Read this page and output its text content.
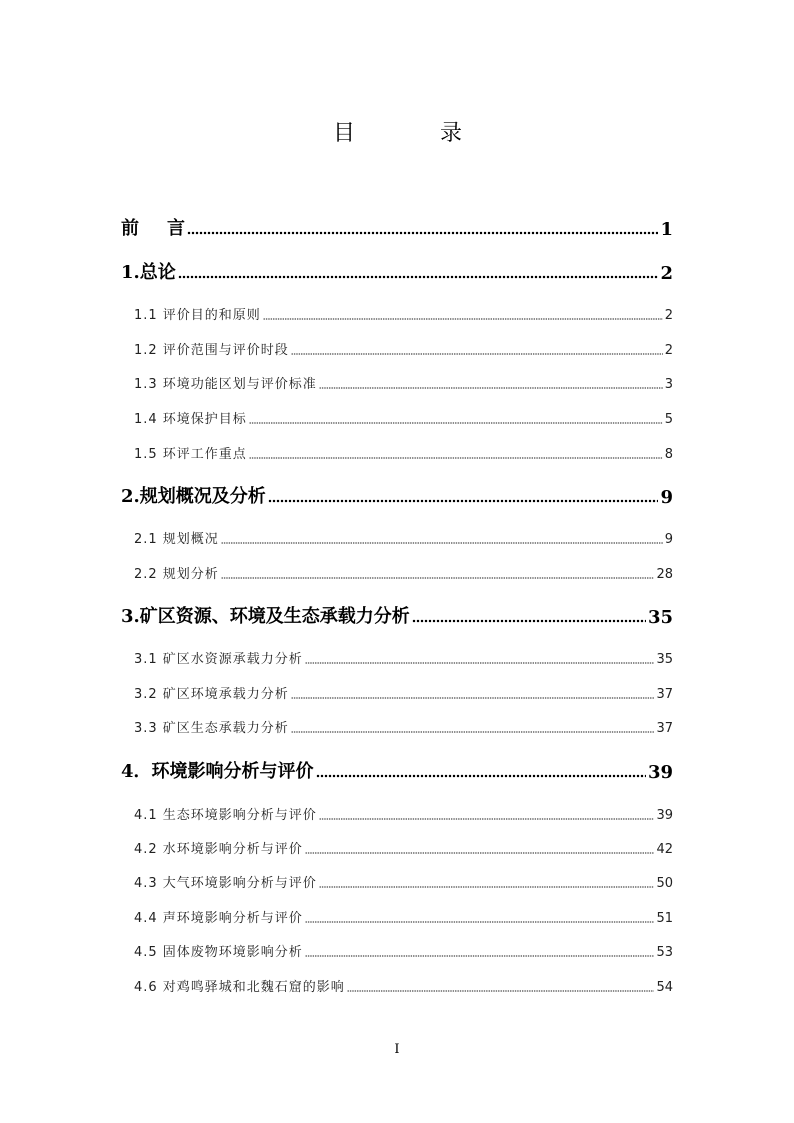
目	录
前 言	1
1.总论	2
1.1 评价目的和原则	2
1.2 评价范围与评价时段	2
1.3 环境功能区划与评价标准	3
1.4 环境保护目标	5
1.5 环评工作重点	8
2.规划概况及分析	9
2.1 规划概况	9
2.2 规划分析	28
3.矿区资源、环境及生态承载力分析	35
3.1 矿区水资源承载力分析	35
3.2 矿区环境承载力分析	37
3.3 矿区生态承载力分析	37
4．环境影响分析与评价	39
4.1 生态环境影响分析与评价	39
4.2 水环境影响分析与评价	42
4.3 大气环境影响分析与评价	50
4.4 声环境影响分析与评价	51
4.5 固体废物环境影响分析	53
4.6 对鸡鸣驿城和北魏石窟的影响	54
I
